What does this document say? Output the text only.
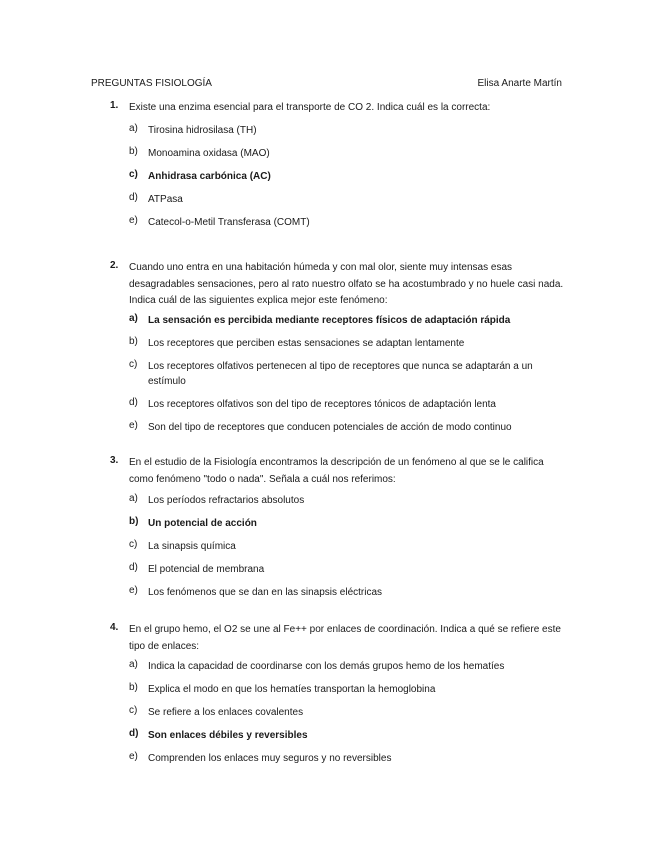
PREGUNTAS FISIOLOGÍA	Elisa Anarte Martín
1. Existe una enzima esencial para el transporte de CO 2. Indica cuál es la correcta:
a) Tirosina hidrosilasa (TH)
b) Monoamina oxidasa (MAO)
c) Anhidrasa carbónica (AC)
d) ATPasa
e) Catecol-o-Metil Transferasa (COMT)
2. Cuando uno entra en una habitación húmeda y con mal olor, siente muy intensas esas desagradables sensaciones, pero al rato nuestro olfato se ha acostumbrado y no huele casi nada. Indica cuál de las siguientes explica mejor este fenómeno:
a) La sensación es percibida mediante receptores físicos de adaptación rápida
b) Los receptores que perciben estas sensaciones se adaptan lentamente
c) Los receptores olfativos pertenecen al tipo de receptores que nunca se adaptarán a un estímulo
d) Los receptores olfativos son del tipo de receptores tónicos de adaptación lenta
e) Son del tipo de receptores que conducen potenciales de acción de modo continuo
3. En el estudio de la Fisiología encontramos la descripción de un fenómeno al que se le califica como fenómeno "todo o nada". Señala a cuál nos referimos:
a) Los períodos refractarios absolutos
b) Un potencial de acción
c) La sinapsis química
d) El potencial de membrana
e) Los fenómenos que se dan en las sinapsis eléctricas
4. En el grupo hemo, el O2 se une al Fe++ por enlaces de coordinación. Indica a qué se refiere este tipo de enlaces:
a) Indica la capacidad de coordinarse con los demás grupos hemo de los hematíes
b) Explica el modo en que los hematíes transportan la hemoglobina
c) Se refiere a los enlaces covalentes
d) Son enlaces débiles y reversibles
e) Comprenden los enlaces muy seguros y no reversibles
